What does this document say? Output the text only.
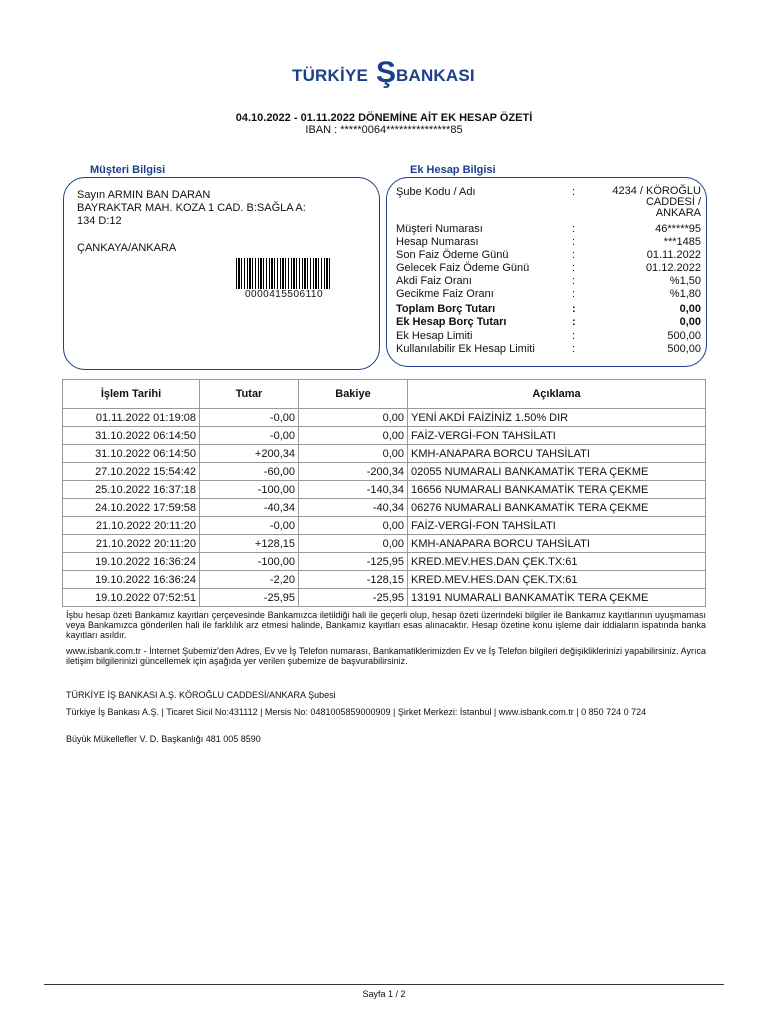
TÜRKİYE Ş BANKASI
04.10.2022 - 01.11.2022 DÖNEMİNE AİT EK HESAP ÖZETİ
IBAN : *****0064***************85
Müşteri Bilgisi
Sayın ARMIN BAN DARAN
BAYRAKTAR MAH. KOZA 1 CAD. B:SAĞLA A:
134 D:12
ÇANKAYA/ANKARA
0000415506110
Ek Hesap Bilgisi
Şube Kodu / Adı	:	4234 / KÖROĞLU CADDESİ / ANKARA
Müşteri Numarası	:	46*****95
Hesap Numarası	:	***1485
Son Faiz Ödeme Günü	:	01.11.2022
Gelecek Faiz Ödeme Günü	:	01.12.2022
Akdi Faiz Oranı	:	%1,50
Gecikme Faiz Oranı	:	%1,80
Toplam Borç Tutarı	:	0,00
Ek Hesap Borç Tutarı	:	0,00
Ek Hesap Limiti	:	500,00
Kullanılabilir Ek Hesap Limiti	:	500,00
İşlem Tarihi	Tutar	Bakiye	Açıklama
01.11.2022 01:19:08	-0,00	0,00	YENİ AKDİ FAİZİNİZ 1.50% DIR
31.10.2022 06:14:50	-0,00	0,00	FAİZ-VERGİ-FON TAHSİLATI
31.10.2022 06:14:50	+200,34	0,00	KMH-ANAPARA BORCU TAHSİLATI
27.10.2022 15:54:42	-60,00	-200,34	02055 NUMARALI BANKAMATİK TERA ÇEKME
25.10.2022 16:37:18	-100,00	-140,34	16656 NUMARALI BANKAMATİK TERA ÇEKME
24.10.2022 17:59:58	-40,34	-40,34	06276 NUMARALI BANKAMATİK TERA ÇEKME
21.10.2022 20:11:20	-0,00	0,00	FAİZ-VERGİ-FON TAHSİLATI
21.10.2022 20:11:20	+128,15	0,00	KMH-ANAPARA BORCU TAHSİLATI
19.10.2022 16:36:24	-100,00	-125,95	KRED.MEV.HES.DAN ÇEK.TX:61
19.10.2022 16:36:24	-2,20	-128,15	KRED.MEV.HES.DAN ÇEK.TX:61
19.10.2022 07:52:51	-25,95	-25,95	13191 NUMARALI BANKAMATİK TERA ÇEKME
İşbu hesap özeti Bankamız kayıtları çerçevesinde Bankamızca iletildiği hali ile geçerli olup, hesap özeti üzerindeki bilgiler ile Bankamız kayıtlarının uyuşmaması veya Bankamızca gönderilen hali ile farklılık arz etmesi halinde, Bankamız kayıtları esas alınacaktır. Hesap özetine konu işleme dair iddiaların ispatında banka kayıtları asıldır.
www.isbank.com.tr - İnternet Şubemiz'den Adres, Ev ve İş Telefon numarası, Bankamatiklerimizden Ev ve İş Telefon bilgileri değişikliklerinizi yapabilirsiniz. Ayrıca iletişim bilgilerinizi güncellemek için aşağıda yer verilen şubemize de başvurabilirsiniz.
TÜRKİYE İŞ BANKASI A.Ş. KÖROĞLU CADDESİ/ANKARA Şubesi
Türkiye İş Bankası A.Ş. | Ticaret Sicil No:431112 | Mersis No: 0481005859000909 | Şirket Merkezi: İstanbul | www.isbank.com.tr | 0 850 724 0 724
Büyük Mükellefler V. D. Başkanlığı 481 005 8590
Sayfa 1 / 2
